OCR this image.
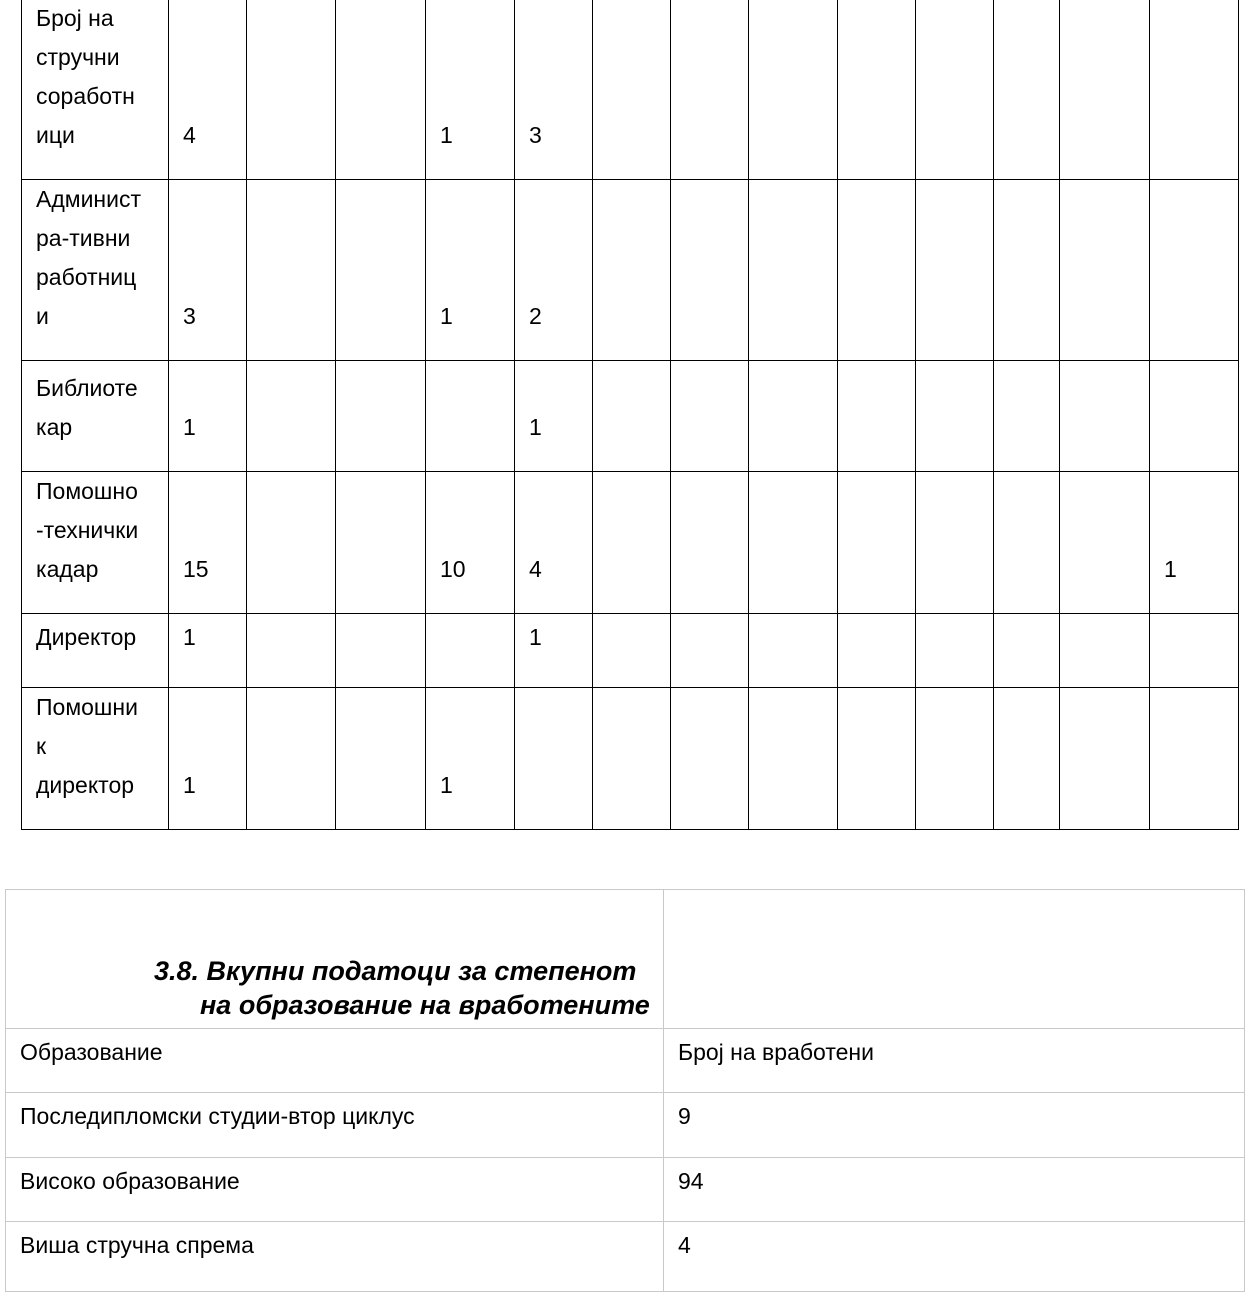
Број на
стручни
соработн
ици	4			1	3								
Админист
ра-тивни
работниц
и	3			1	2								
Библиоте
кар	1				1								
Помошно
-технички
кадар	15			10	4								1
Директор	1				1								
Помошни
к
директор	1			1									
3.8. Вкупни податоци за степенот на образование на вработените	

Образование	Број на вработени
Последипломски студии-втор циклус	9
Високо образование	94
Виша стручна спрема	4
